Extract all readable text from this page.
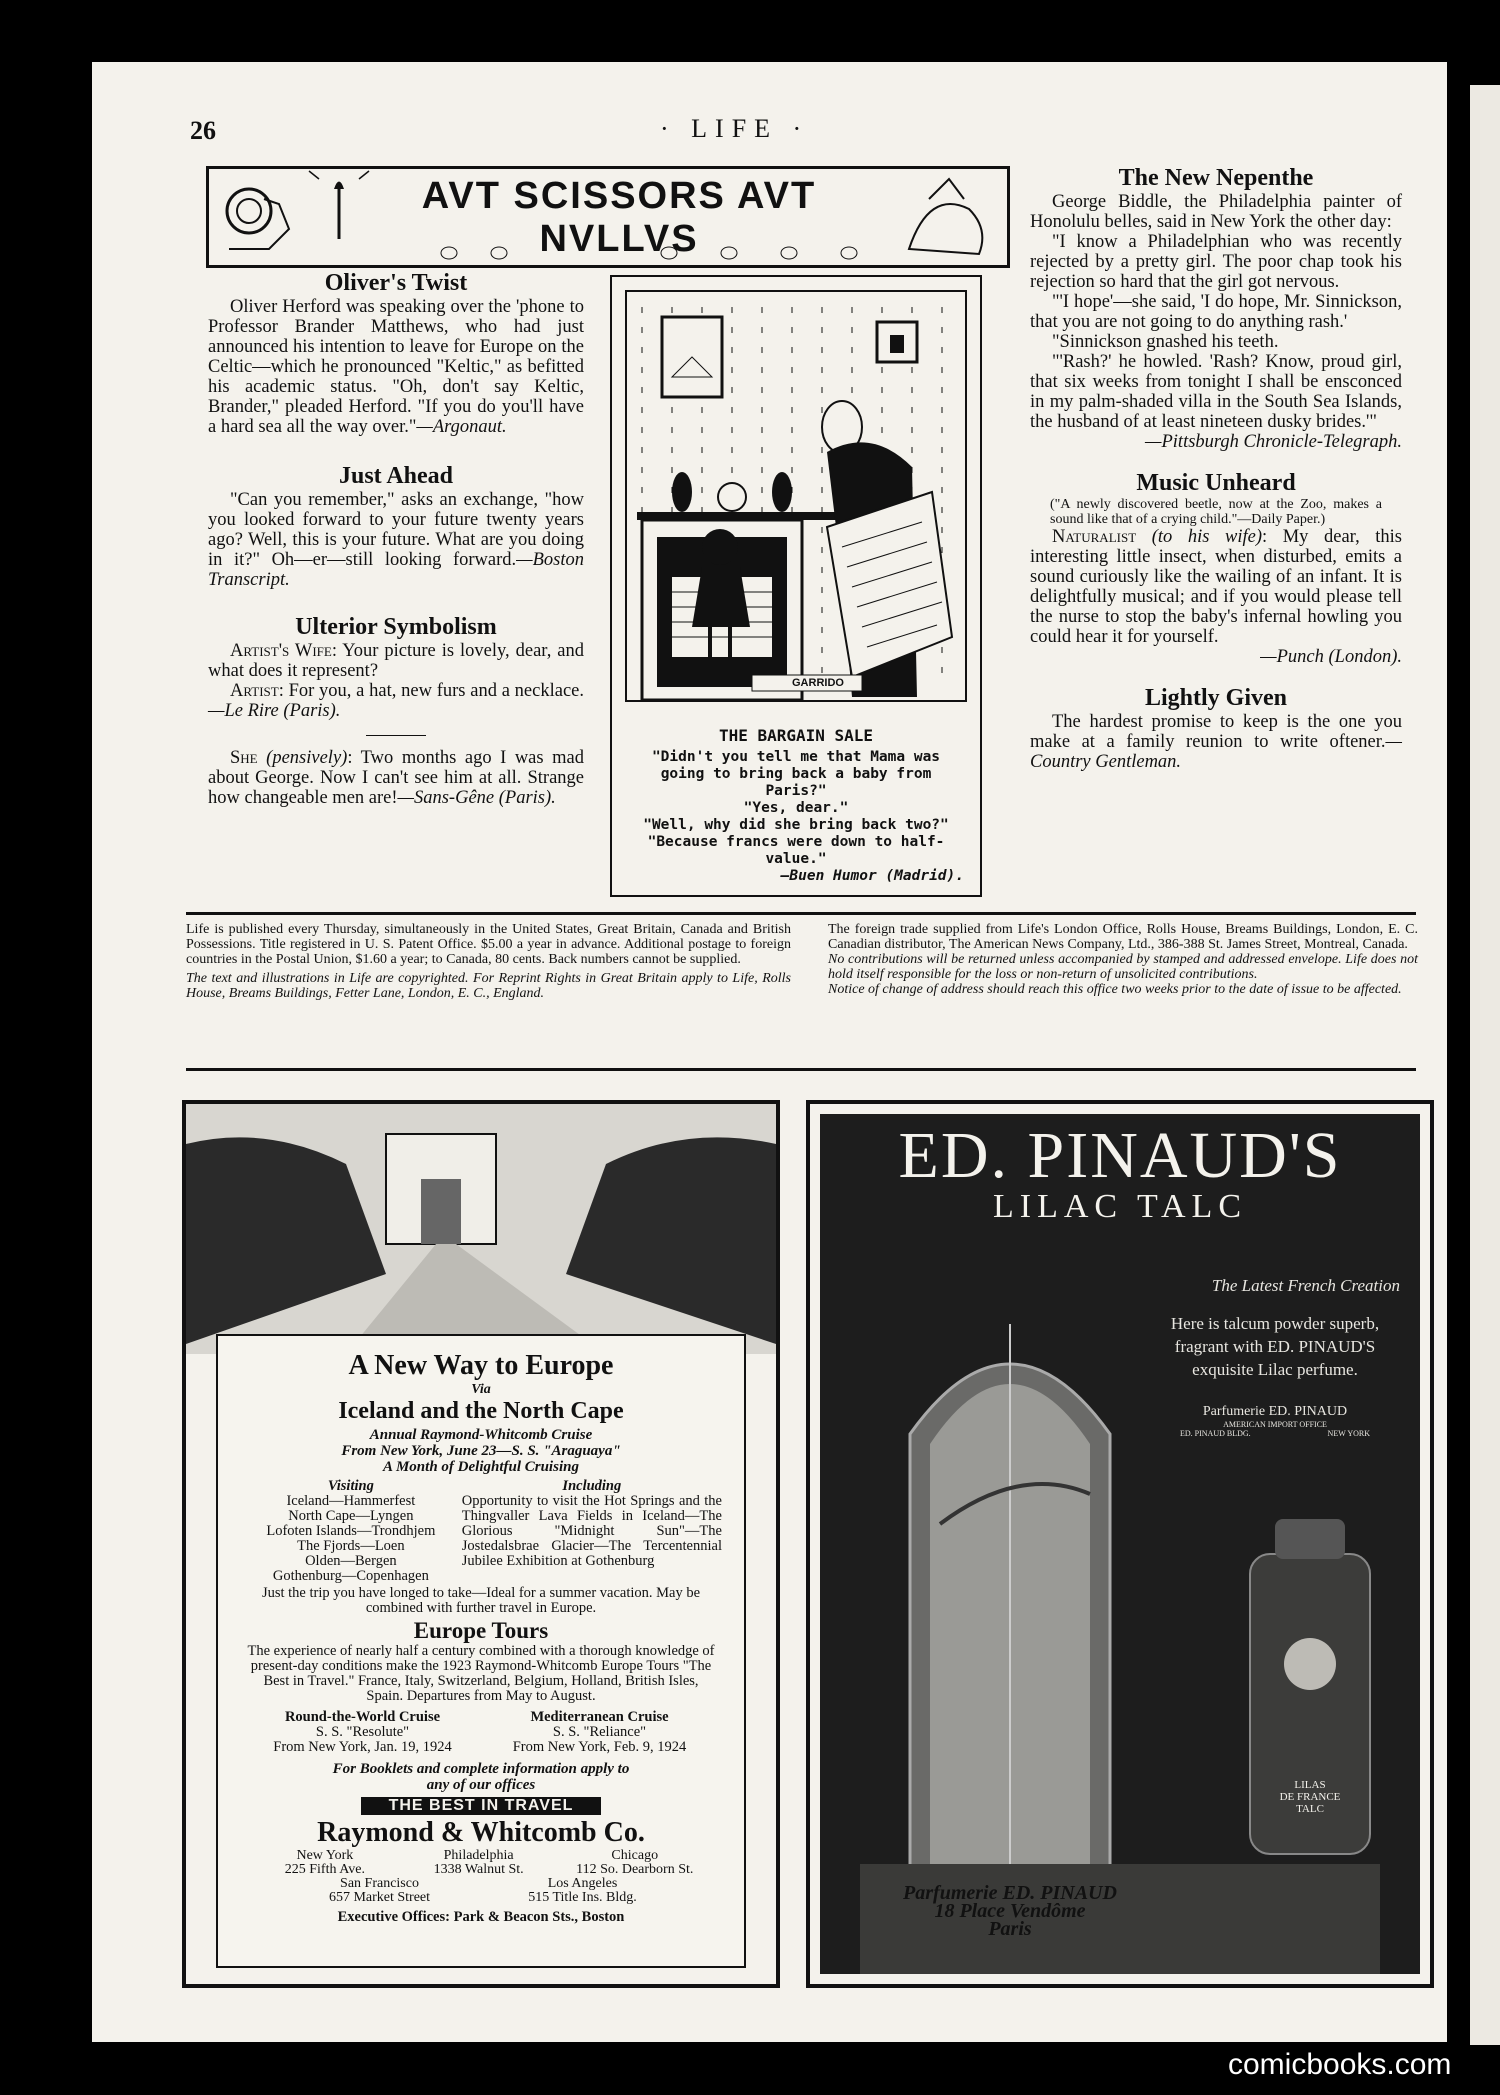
26	· LIFE ·
AVT SCISSORS AVT NVLLVS
Oliver's Twist

Oliver Herford was speaking over the 'phone to Professor Brander Matthews, who had just announced his intention to leave for Europe on the Celtic—which he pronounced "Keltic," as befitted his academic status. "Oh, don't say Keltic, Brander," pleaded Herford. "If you do you'll have a hard sea all the way over."—Argonaut.

Just Ahead

"Can you remember," asks an exchange, "how you looked forward to your future twenty years ago? Well, this is your future. What are you doing in it?" Oh—er—still looking forward.—Boston Transcript.

Ulterior Symbolism

Artist's Wife: Your picture is lovely, dear, and what does it represent?

Artist: For you, a hat, new furs and a necklace.—Le Rire (Paris).

She (pensively): Two months ago I was mad about George. Now I can't see him at all. Strange how changeable men are!—Sans-Gêne (Paris).

GARRIDO
THE BARGAIN SALE

"Didn't you tell me that Mama was going to bring back a baby from Paris?"

"Yes, dear."

"Well, why did she bring back two?"

"Because francs were down to half-value."

—Buen Humor (Madrid).

The New Nepenthe

George Biddle, the Philadelphia painter of Honolulu belles, said in New York the other day:

"I know a Philadelphian who was recently rejected by a pretty girl. The poor chap took his rejection so hard that the girl got nervous.

"'I hope'—she said, 'I do hope, Mr. Sinnickson, that you are not going to do anything rash.'

"Sinnickson gnashed his teeth.

"'Rash?' he howled. 'Rash? Know, proud girl, that six weeks from tonight I shall be ensconced in my palm-shaded villa in the South Sea Islands, the husband of at least nineteen dusky brides.'"

—Pittsburgh Chronicle-Telegraph.

Music Unheard

("A newly discovered beetle, now at the Zoo, makes a sound like that of a crying child."—Daily Paper.)

Naturalist (to his wife): My dear, this interesting little insect, when disturbed, emits a sound curiously like the wailing of an infant. It is delightfully musical; and if you would please tell the nurse to stop the baby's infernal howling you could hear it for yourself.

—Punch (London).

Lightly Given

The hardest promise to keep is the one you make at a family reunion to write oftener.—Country Gentleman.

Life is published every Thursday, simultaneously in the United States, Great Britain, Canada and British Possessions. Title registered in U. S. Patent Office. $5.00 a year in advance. Additional postage to foreign countries in the Postal Union, $1.60 a year; to Canada, 80 cents. Back numbers cannot be supplied.

The text and illustrations in Life are copyrighted. For Reprint Rights in Great Britain apply to Life, Rolls House, Breams Buildings, Fetter Lane, London, E. C., England.

The foreign trade supplied from Life's London Office, Rolls House, Breams Buildings, London, E. C. Canadian distributor, The American News Company, Ltd., 386-388 St. James Street, Montreal, Canada.

No contributions will be returned unless accompanied by stamped and addressed envelope. Life does not hold itself responsible for the loss or non-return of unsolicited contributions.

Notice of change of address should reach this office two weeks prior to the date of issue to be affected.

A New Way to Europe
Via
Iceland and the North Cape
Annual Raymond-Whitcomb Cruise
From New York, June 23—S. S. "Araguaya"
A Month of Delightful Cruising
Visiting
Iceland—Hammerfest
North Cape—Lyngen
Lofoten Islands—Trondhjem
The Fjords—Loen
Olden—Bergen
Gothenburg—Copenhagen
Including
Opportunity to visit the Hot Springs and the Thingvaller Lava Fields in Iceland—The Glorious "Midnight Sun"—The Jostedalsbrae Glacier—The Tercentennial Jubilee Exhibition at Gothenburg

Just the trip you have longed to take—Ideal for a summer vacation. May be combined with further travel in Europe.

Europe Tours

The experience of nearly half a century combined with a thorough knowledge of present-day conditions make the 1923 Raymond-Whitcomb Europe Tours "The Best in Travel." France, Italy, Switzerland, Belgium, Holland, British Isles, Spain. Departures from May to August.

Round-the-World Cruise
S. S. "Resolute"
From New York, Jan. 19, 1924
Mediterranean Cruise
S. S. "Reliance"
From New York, Feb. 9, 1924

For Booklets and complete information apply to any of our offices

THE BEST IN TRAVEL
Raymond & Whitcomb Co.
New York
225 Fifth Ave.
Philadelphia
1338 Walnut St.
Chicago
112 So. Dearborn St.
San Francisco
657 Market Street
Los Angeles
515 Title Ins. Bldg.
Executive Offices: Park & Beacon Sts., Boston
ED. PINAUD'S
LILAC TALC
The Latest French Creation

Here is talcum powder superb, fragrant with ED. PINAUD'S exquisite Lilac perfume.

Parfumerie ED. PINAUD
AMERICAN IMPORT OFFICE
ED. PINAUD BLDG.	NEW YORK
LILAS
DE FRANCE
TALC
Parfumerie ED. PINAUD
18 Place Vendôme
Paris
comicbooks.com
